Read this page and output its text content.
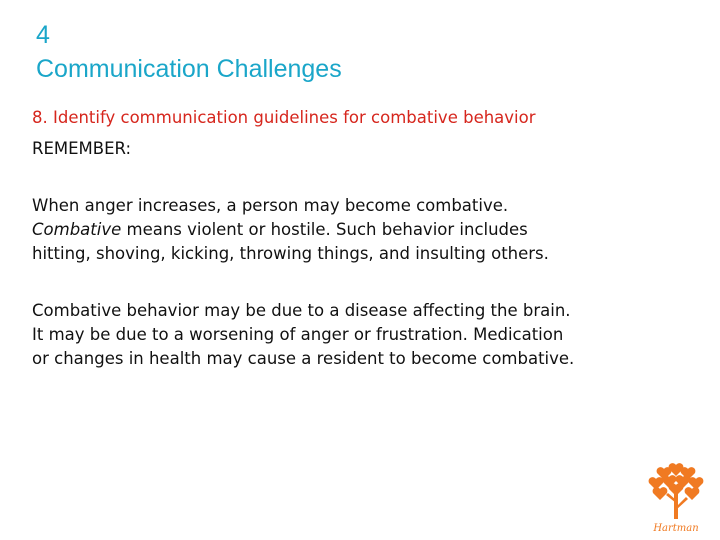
4
Communication Challenges
8. Identify communication guidelines for combative behavior
REMEMBER:
When anger increases, a person may become combative.
Combative means violent or hostile. Such behavior includes
hitting, shoving, kicking, throwing things, and insulting others.
Combative behavior may be due to a disease affecting the brain.
It may be due to a worsening of anger or frustration. Medication
or changes in health may cause a resident to become combative.
Hartman
